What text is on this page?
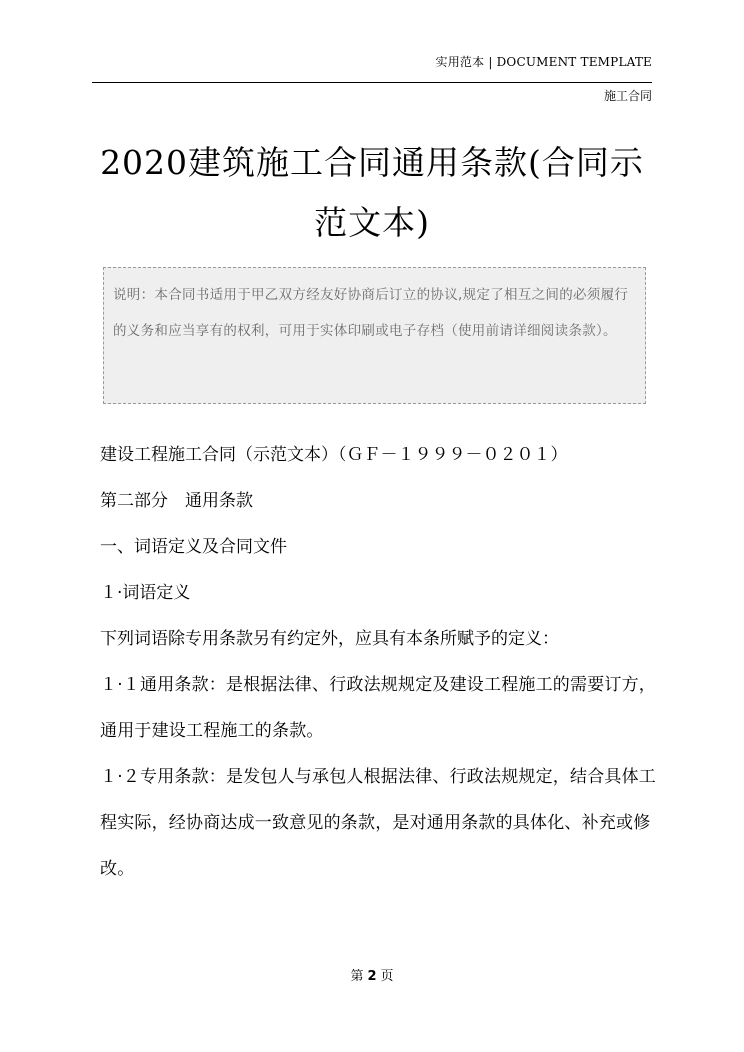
实用范本 | DOCUMENT TEMPLATE
施工合同
2020建筑施工合同通用条款(合同示范文本)
说明：本合同书适用于甲乙双方经友好协商后订立的协议,规定了相互之间的必须履行的义务和应当享有的权利，可用于实体印刷或电子存档（使用前请详细阅读条款）。

建设工程施工合同（示范文本）（ＧＦ－１９９９－０２０１）

第二部分　通用条款

一、词语定义及合同文件

１·词语定义

下列词语除专用条款另有约定外，应具有本条所赋予的定义：

１·１通用条款：是根据法律、行政法规规定及建设工程施工的需要订方，通用于建设工程施工的条款。

１·２专用条款：是发包人与承包人根据法律、行政法规规定，结合具体工程实际，经协商达成一致意见的条款，是对通用条款的具体化、补充或修改。

第 2 页
